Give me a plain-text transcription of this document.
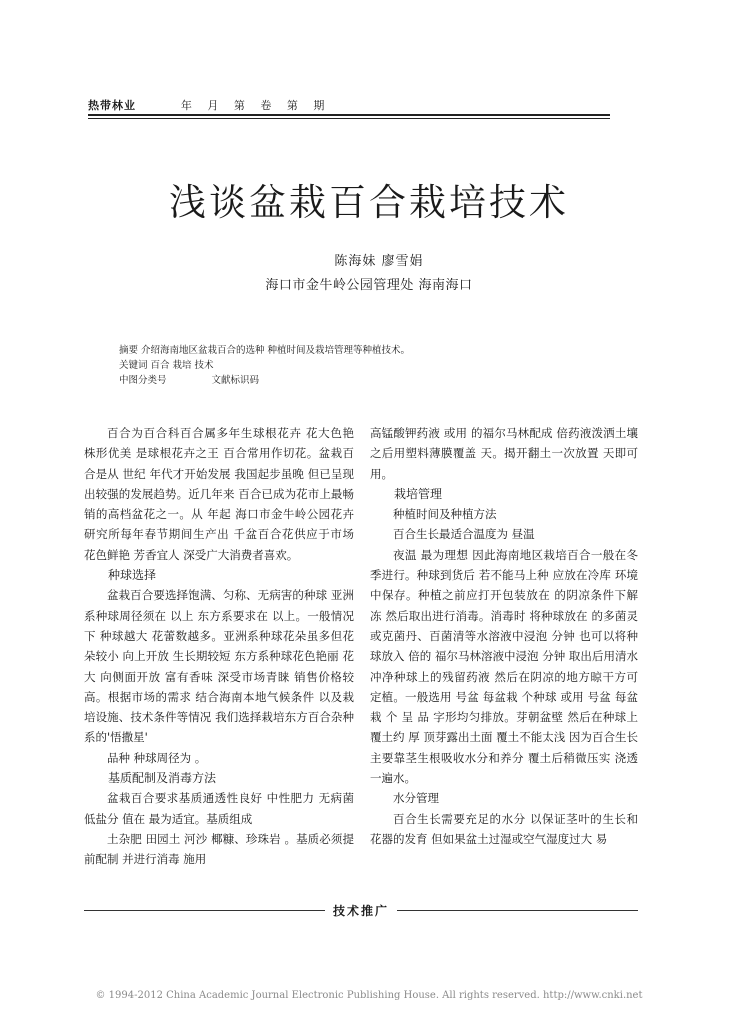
热带林业	年 月 第 卷 第 期
浅谈盆栽百合栽培技术
陈海妹 廖雪娟
海口市金牛岭公园管理处 海南海口
摘要 介绍海南地区盆栽百合的选种 种植时间及栽培管理等种植技术。
关键词 百合 栽培 技术
中图分类号	文献标识码

百合为百合科百合属多年生球根花卉 花大色艳 株形优美 是球根花卉之王 百合常用作切花。盆栽百合是从 世纪 年代才开始发展 我国起步虽晚 但已呈现出较强的发展趋势。近几年来 百合已成为花市上最畅销的高档盆花之一。从 年起 海口市金牛岭公园花卉研究所每年春节期间生产出 千盆百合花供应于市场 花色鲜艳 芳香宜人 深受广大消费者喜欢。

种球选择

盆栽百合要选择饱满、匀称、无病害的种球 亚洲系种球周径须在 以上 东方系要求在 以上。一般情况下 种球越大 花蕾数越多。亚洲系种球花朵虽多但花朵较小 向上开放 生长期较短 东方系种球花色艳丽 花大 向侧面开放 富有香味 深受市场青睐 销售价格较高。根据市场的需求 结合海南本地气候条件 以及栽培设施、技术条件等情况 我们选择栽培东方百合杂种系的'悟撒星'

品种 种球周径为 。

基质配制及消毒方法

盆栽百合要求基质通透性良好 中性肥力 无病菌 低盐分 值在 最为适宜。基质组成

土杂肥 田园土 河沙 椰糠、珍珠岩 。基质必须提前配制 并进行消毒 施用

高锰酸钾药液 或用 的福尔马林配成 倍药液泼洒土壤 之后用塑料薄膜覆盖 天。揭开翻土一次放置 天即可用。

栽培管理

种植时间及种植方法

百合生长最适合温度为 昼温

夜温 最为理想 因此海南地区栽培百合一般在冬季进行。种球到货后 若不能马上种 应放在冷库 环境中保存。种植之前应打开包装放在 的阴凉条件下解冻 然后取出进行消毒。消毒时 将种球放在 的多菌灵或克菌丹、百菌清等水溶液中浸泡 分钟 也可以将种球放入 倍的 福尔马林溶液中浸泡 分钟 取出后用清水冲净种球上的残留药液 然后在阴凉的地方晾干方可定植。一般选用 号盆 每盆栽 个种球 或用 号盆 每盆栽 个 呈 品 字形均匀排放。芽朝盆壁 然后在种球上覆土约 厚 顶芽露出土面 覆土不能太浅 因为百合生长主要靠茎生根吸收水分和养分 覆土后稍微压实 浇透一遍水。

水分管理

百合生长需要充足的水分 以保证茎叶的生长和花器的发育 但如果盆土过湿或空气湿度过大 易

技术推广
© 1994-2012 China Academic Journal Electronic Publishing House. All rights reserved. http://www.cnki.net
